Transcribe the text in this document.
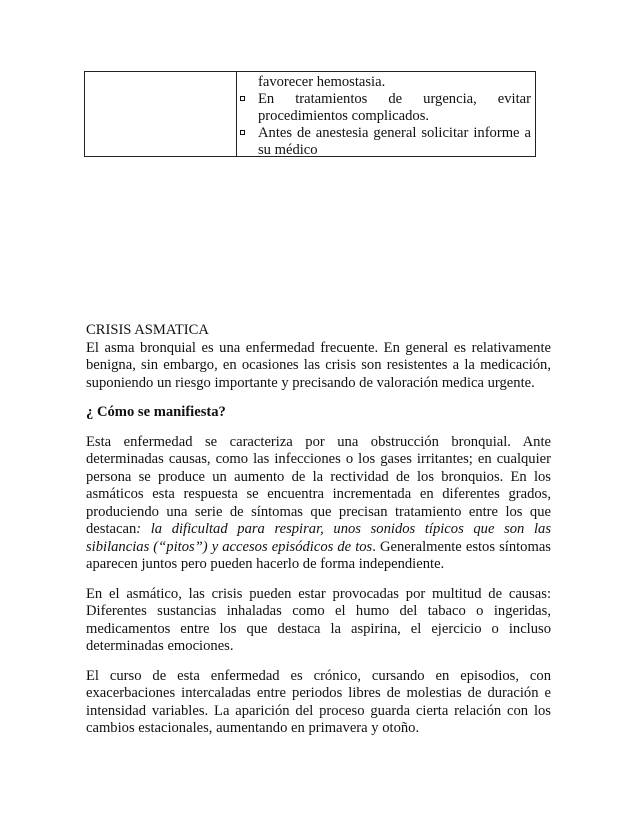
favorecer hemostasia.
En tratamientos de urgencia, evitar procedimientos complicados.
Antes de anestesia general solicitar informe a su médico

CRISIS ASMATICA

El asma bronquial es una enfermedad frecuente. En general es relativamente benigna, sin embargo, en ocasiones las crisis son resistentes a la medicación, suponiendo un riesgo importante y precisando de valoración medica urgente.

¿ Cómo se manifiesta?

Esta enfermedad se caracteriza por una obstrucción bronquial. Ante determinadas causas, como las infecciones o los gases irritantes; en cualquier persona se produce un aumento de la rectividad de los bronquios. En los asmáticos esta respuesta se encuentra incrementada en diferentes grados, produciendo una serie de síntomas que precisan tratamiento entre los que destacan: la dificultad para respirar, unos sonidos típicos que son las sibilancias (“pitos”) y accesos episódicos de tos. Generalmente estos síntomas aparecen juntos pero pueden hacerlo de forma independiente.

En el asmático, las crisis pueden estar provocadas por multitud de causas: Diferentes sustancias inhaladas como el humo del tabaco o ingeridas, medicamentos entre los que destaca la aspirina, el ejercicio o incluso determinadas emociones.

El curso de esta enfermedad es crónico, cursando en episodios, con exacerbaciones intercaladas entre periodos libres de molestias de duración e intensidad variables. La aparición del proceso guarda cierta relación con los cambios estacionales, aumentando en primavera y otoño.
